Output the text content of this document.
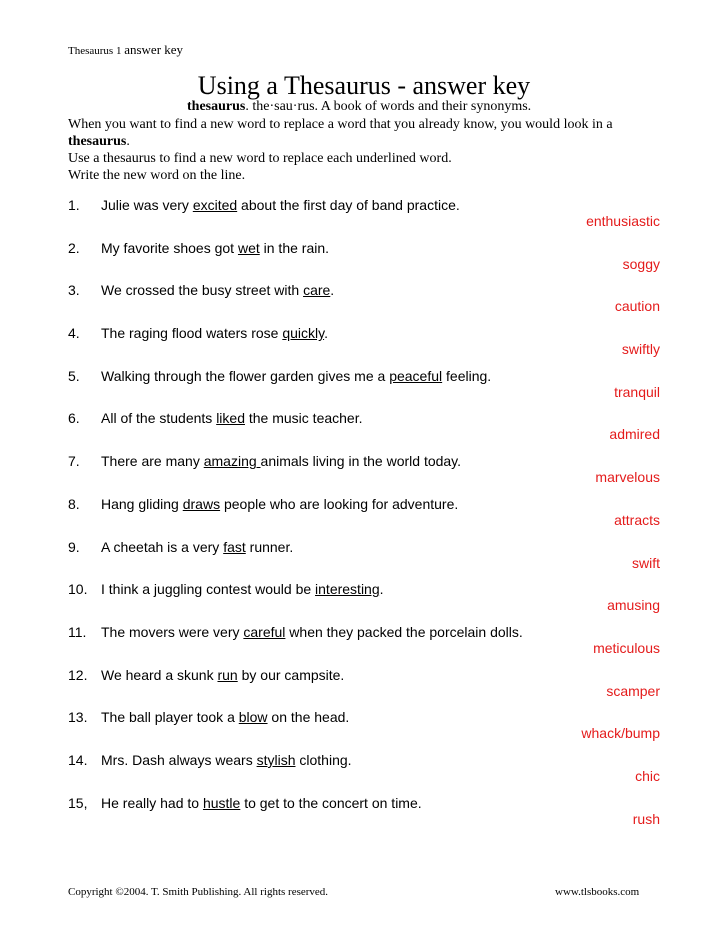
Thesaurus 1 answer key
Using a Thesaurus - answer key
thesaurus. the·sau·rus. A book of words and their synonyms.

When you want to find a new word to replace a word that you already know, you would look in a

thesaurus.

Use a thesaurus to find a new word to replace each underlined word.

Write the new word on the line.

1. Julie was very excited about the first day of band practice.
enthusiastic
2. My favorite shoes got wet in the rain.
soggy
3. We crossed the busy street with care.
caution
4. The raging flood waters rose quickly.
swiftly
5. Walking through the flower garden gives me a peaceful feeling.
tranquil
6. All of the students liked the music teacher.
admired
7. There are many amazing animals living in the world today.
marvelous
8. Hang gliding draws people who are looking for adventure.
attracts
9. A cheetah is a very fast runner.
swift
10. I think a juggling contest would be interesting.
amusing
11. The movers were very careful when they packed the porcelain dolls.
meticulous
12. We heard a skunk run by our campsite.
scamper
13. The ball player took a blow on the head.
whack/bump
14. Mrs. Dash always wears stylish clothing.
chic
15, He really had to hustle to get to the concert on time.
rush
Copyright ©2004. T. Smith Publishing. All rights reserved.	www.tlsbooks.com
